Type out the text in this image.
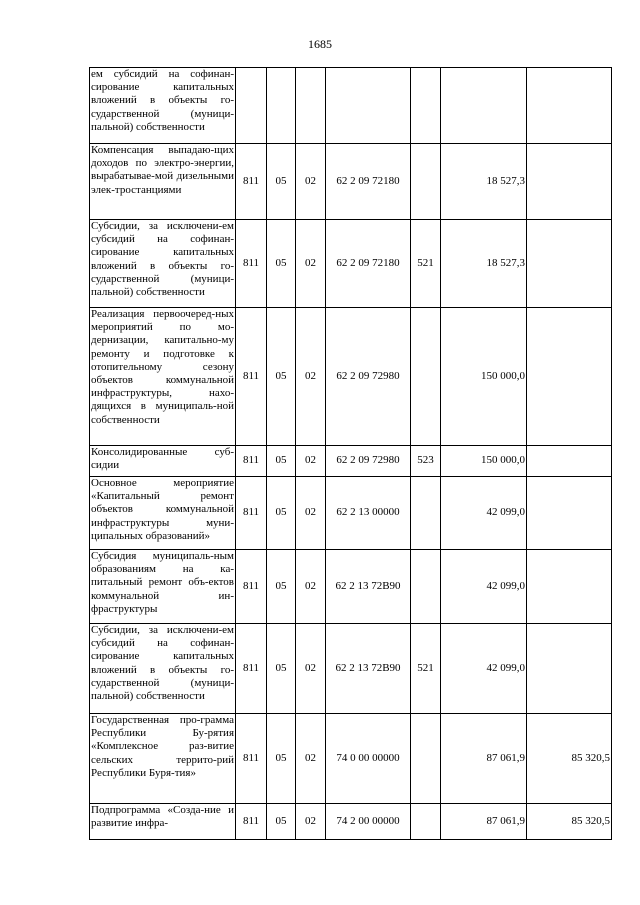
1685
ем субсидий на софинан-сирование капитальных вложений в объекты го-сударственной (муници-пальной) собственности							
Компенсация выпадаю-щих доходов по электро-энергии, вырабатывае-мой дизельными элек-тростанциями	811	05	02	62 2 09 72180		18 527,3	
Субсидии, за исключени-ем субсидий на софинан-сирование капитальных вложений в объекты го-сударственной (муници-пальной) собственности	811	05	02	62 2 09 72180	521	18 527,3	
Реализация первоочеред-ных мероприятий по мо-дернизации, капитально-му ремонту и подготовке к отопительному сезону объектов коммунальной инфраструктуры, нахо-дящихся в муниципаль-ной собственности	811	05	02	62 2 09 72980		150 000,0	
Консолидированные суб-сидии	811	05	02	62 2 09 72980	523	150 000,0	
Основное мероприятие «Капитальный ремонт объектов коммунальной инфраструктуры муни-ципальных образований»	811	05	02	62 2 13 00000		42 099,0	
Субсидия муниципаль-ным образованиям на ка-питальный ремонт объ-ектов коммунальной ин-фраструктуры	811	05	02	62 2 13 72В90		42 099,0	
Субсидии, за исключени-ем субсидий на софинан-сирование капитальных вложений в объекты го-сударственной (муници-пальной) собственности	811	05	02	62 2 13 72В90	521	42 099,0	
Государственная про-грамма Республики Бу-рятия «Комплексное раз-витие сельских террито-рий Республики Буря-тия»	811	05	02	74 0 00 00000		87 061,9	85 320,5
Подпрограмма «Созда-ние и развитие инфра-	811	05	02	74 2 00 00000		87 061,9	85 320,5
